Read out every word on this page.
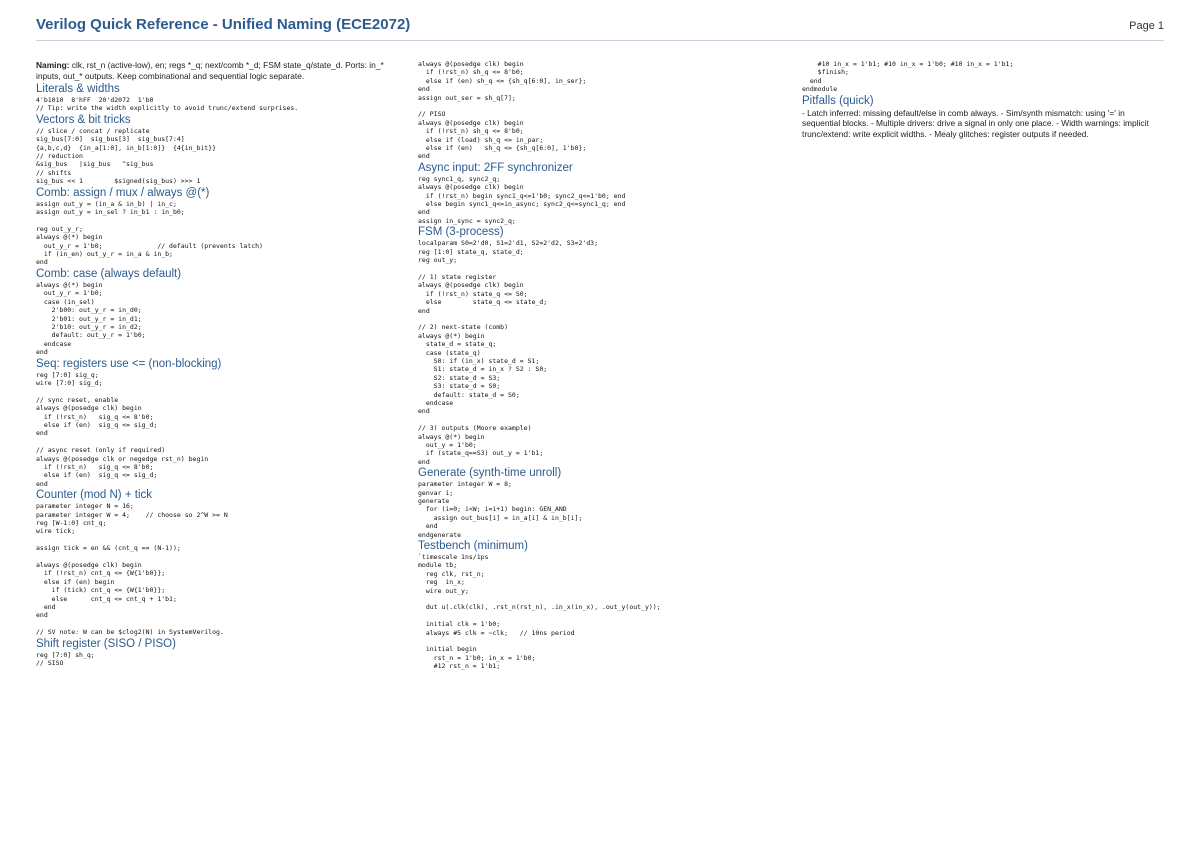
Verilog Quick Reference - Unified Naming (ECE2072)	Page 1
Naming: clk, rst_n (active-low), en; regs *_q; next/comb *_d; FSM state_q/state_d. Ports: in_* inputs, out_* outputs. Keep combinational and sequential logic separate.
Literals & widths
4'b1010  8'hFF  20'd2072  1'b0
// Tip: write the width explicitly to avoid trunc/extend surprises.
Vectors & bit tricks
// slice / concat / replicate
sig_bus[7:0]  sig_bus[3]  sig_bus[7:4]
{a,b,c,d}  {in_a[1:0], in_b[1:0]}  {4{in_bit}}
// reduction
&sig_bus   |sig_bus   ^sig_bus
// shifts
sig_bus << 1        $signed(sig_bus) >>> 1
Comb: assign / mux / always @(*)
assign out_y = (in_a & in_b) | in_c;
assign out_y = in_sel ? in_b1 : in_b0;
reg out_y_r;
always @(*) begin
out_y_r = 1'b0;              // default (prevents latch)
if (in_en) out_y_r = in_a & in_b;
end
Comb: case (always default)
always @(*) begin
out_y_r = 1'b0;
case (in_sel)
2'b00: out_y_r = in_d0;
2'b01: out_y_r = in_d1;
2'b10: out_y_r = in_d2;
default: out_y_r = 1'b0;
endcase
end
Seq: registers use <= (non-blocking)
reg [7:0] sig_q;
wire [7:0] sig_d;
// sync reset, enable
always @(posedge clk) begin
if (!rst_n)   sig_q <= 8'b0;
else if (en)  sig_q <= sig_d;
end
// async reset (only if required)
always @(posedge clk or negedge rst_n) begin
if (!rst_n)   sig_q <= 8'b0;
else if (en)  sig_q <= sig_d;
end
Counter (mod N) + tick
parameter integer N = 16;
parameter integer W = 4;    // choose so 2^W >= N
reg [W-1:0] cnt_q;
wire tick;
assign tick = en && (cnt_q == (N-1));
always @(posedge clk) begin
if (!rst_n) cnt_q <= {W{1'b0}};
else if (en) begin
if (tick) cnt_q <= {W{1'b0}};
else      cnt_q <= cnt_q + 1'b1;
end
end
// SV note: W can be $clog2(N) in SystemVerilog.
Shift register (SISO / PISO)
reg [7:0] sh_q;
// SISO
always @(posedge clk) begin
if (!rst_n) sh_q <= 8'b0;
else if (en) sh_q <= {sh_q[6:0], in_ser};
end
assign out_ser = sh_q[7];
// PISO
always @(posedge clk) begin
if (!rst_n) sh_q <= 8'b0;
else if (load) sh_q <= in_par;
else if (en)   sh_q <= {sh_q[6:0], 1'b0};
end
Async input: 2FF synchronizer
reg sync1_q, sync2_q;
always @(posedge clk) begin
if (!rst_n) begin sync1_q<=1'b0; sync2_q<=1'b0; end
else begin sync1_q<=in_async; sync2_q<=sync1_q; end
end
assign in_sync = sync2_q;
FSM (3-process)
localparam S0=2'd0, S1=2'd1, S2=2'd2, S3=2'd3;
reg [1:0] state_q, state_d;
reg out_y;
// 1) state register
always @(posedge clk) begin
if (!rst_n) state_q <= S0;
else        state_q <= state_d;
end
// 2) next-state (comb)
always @(*) begin
state_d = state_q;
case (state_q)
S0: if (in_x) state_d = S1;
S1: state_d = in_x ? S2 : S0;
S2: state_d = S3;
S3: state_d = S0;
default: state_d = S0;
endcase
end
// 3) outputs (Moore example)
always @(*) begin
out_y = 1'b0;
if (state_q==S3) out_y = 1'b1;
end
Generate (synth-time unroll)
parameter integer W = 8;
genvar i;
generate
for (i=0; i<W; i=i+1) begin: GEN_AND
assign out_bus[i] = in_a[i] & in_b[i];
end
endgenerate
Testbench (minimum)
`timescale 1ns/1ps
module tb;
reg clk, rst_n;
reg  in_x;
wire out_y;
dut u(.clk(clk), .rst_n(rst_n), .in_x(in_x), .out_y(out_y));
initial clk = 1'b0;
always #5 clk = ~clk;   // 10ns period
initial begin
rst_n = 1'b0; in_x = 1'b0;
#12 rst_n = 1'b1;
#10 in_x = 1'b1; #10 in_x = 1'b0; #10 in_x = 1'b1;
$finish;
end
endmodule
Pitfalls (quick)
- Latch inferred: missing default/else in comb always. - Sim/synth mismatch: using '=' in sequential blocks. - Multiple drivers: drive a signal in only one place. - Width warnings: implicit trunc/extend: write explicit widths. - Mealy glitches: register outputs if needed.
